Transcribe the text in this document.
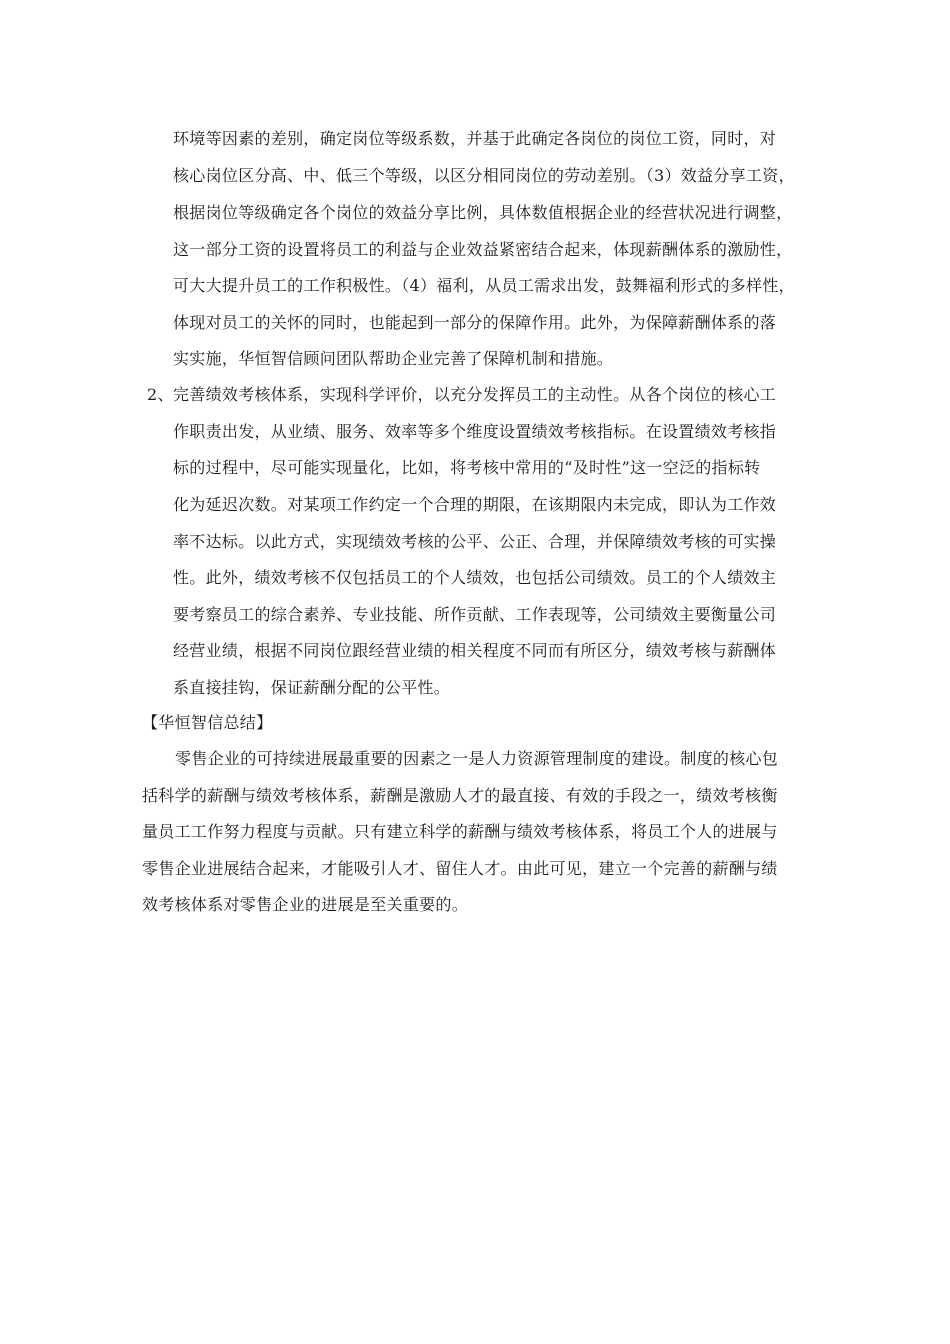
环境等因素的差别，确定岗位等级系数，并基于此确定各岗位的岗位工资，同时，对
核心岗位区分高、中、低三个等级，以区分相同岗位的劳动差别。（3）效益分享工资，
根据岗位等级确定各个岗位的效益分享比例，具体数值根据企业的经营状况进行调整，
这一部分工资的设置将员工的利益与企业效益紧密结合起来，体现薪酬体系的激励性，
可大大提升员工的工作积极性。（4）福利，从员工需求出发，鼓舞福利形式的多样性，
体现对员工的关怀的同时，也能起到一部分的保障作用。此外，为保障薪酬体系的落
实实施，华恒智信顾问团队帮助企业完善了保障机制和措施。
2、 完善绩效考核体系，实现科学评价，以充分发挥员工的主动性。从各个岗位的核心工
作职责出发，从业绩、服务、效率等多个维度设置绩效考核指标。在设置绩效考核指
标的过程中，尽可能实现量化，比如，将考核中常用的“及时性”这一空泛的指标转
化为延迟次数。对某项工作约定一个合理的期限，在该期限内未完成，即认为工作效
率不达标。以此方式，实现绩效考核的公平、公正、合理，并保障绩效考核的可实操
性。此外，绩效考核不仅包括员工的个人绩效，也包括公司绩效。员工的个人绩效主
要考察员工的综合素养、专业技能、所作贡献、工作表现等，公司绩效主要衡量公司
经营业绩，根据不同岗位跟经营业绩的相关程度不同而有所区分，绩效考核与薪酬体
系直接挂钩，保证薪酬分配的公平性。
【华恒智信总结】
零售企业的可持续进展最重要的因素之一是人力资源管理制度的建设。制度的核心包
括科学的薪酬与绩效考核体系，薪酬是激励人才的最直接、有效的手段之一，绩效考核衡
量员工工作努力程度与贡献。只有建立科学的薪酬与绩效考核体系，将员工个人的进展与
零售企业进展结合起来，才能吸引人才、留住人才。由此可见，建立一个完善的薪酬与绩
效考核体系对零售企业的进展是至关重要的。
